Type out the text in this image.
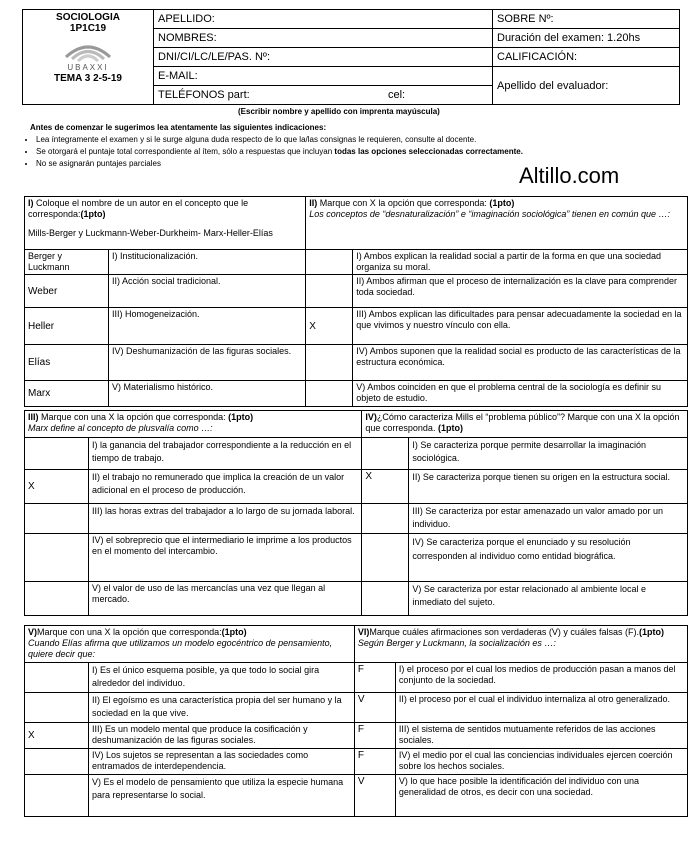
SOCIOLOGIA
1P1C19
UBAXXI
TEMA 3 2-5-19	APELLIDO:	SOBRE Nº:
	NOMBRES:	Duración del examen: 1.20hs
	DNI/CI/LC/LE/PAS. Nº:	CALIFICACIÓN:
	E-MAIL:	Apellido del evaluador:
	TELÉFONOS part: cel:	
(Escribir nombre y apellido con imprenta mayúscula)
Antes de comenzar le sugerimos lea atentamente las siguientes indicaciones:
• Lea íntegramente el examen y si le surge alguna duda respecto de lo que la/las consignas le requieren, consulte al docente.
• Se otorgará el puntaje total correspondiente al ítem, sólo a respuestas que incluyan todas las opciones seleccionadas correctamente.
• No se asignarán puntajes parciales	Altillo.com
I) Coloque el nombre de un autor en el concepto que le corresponda:(1pto)
Mills-Berger y Luckmann-Weber-Durkheim- Marx-Heller-Elías		II) Marque con X la opción que corresponda: (1pto)
Los conceptos de “desnaturalización” e “imaginación sociológica” tienen en común que …:	

Berger y Luckmann	I) Institucionalización.		I) Ambos explican la realidad social a partir de la forma en que una sociedad organiza su moral.
Weber	II) Acción social tradicional.		II) Ambos afirman que el proceso de internalización es la clave para comprender toda sociedad.
Heller	III) Homogeneización.	X	III) Ambos explican las dificultades para pensar adecuadamente la sociedad en la que vivimos y nuestro vínculo con ella.
Elías	IV) Deshumanización de las figuras sociales.		IV) Ambos suponen que la realidad social es producto de las características de la estructura económica.
Marx	V) Materialismo histórico.		V) Ambos coinciden en que el problema central de la sociología es definir su objeto de estudio.
III) Marque con una X la opción que corresponda: (1pto)
Marx define al concepto de plusvalía como …:		IV)¿Cómo caracteriza Mills el “problema público”? Marque con una X la opción que corresponda. (1pto)	
	I) la ganancia del trabajador correspondiente a la reducción en el tiempo de trabajo.		I) Se caracteriza porque permite desarrollar la imaginación sociológica.
X	II) el trabajo no remunerado que implica la creación de un valor adicional en el proceso de producción.	X	II) Se caracteriza porque tienen su origen en la estructura social.
	III) las horas extras del trabajador a lo largo de su jornada laboral.		III) Se caracteriza por estar amenazado un valor amado por un individuo.
	IV) el sobreprecio que el intermediario le imprime a los productos en el momento del intercambio.		IV) Se caracteriza porque el enunciado y su resolución corresponden al individuo como entidad biográfica.
	V) el valor de uso de las mercancías una vez que llegan al mercado.		V) Se caracteriza por estar relacionado al ambiente local e inmediato del sujeto.
V)Marque con una X la opción que corresponda:(1pto)
Cuando Elías afirma que utilizamos un modelo egocéntrico de pensamiento, quiere decir que:		VI)Marque cuáles afirmaciones son verdaderas (V) y cuáles falsas (F).(1pto)
Según Berger y Luckmann, la socialización es …:	

	I) Es el único esquema posible, ya que todo lo social gira alrededor del individuo.	F	I) el proceso por el cual los medios de producción pasan a manos del conjunto de la sociedad.
	II) El egoísmo es una característica propia del ser humano y la sociedad en la que vive.	V	II) el proceso por el cual el individuo internaliza al otro generalizado.
X	III) Es un modelo mental que produce la cosificación y deshumanización de las figuras sociales.	F	III) el sistema de sentidos mutuamente referidos de las acciones sociales.
	IV) Los sujetos se representan a las sociedades como entramados de interdependencia.	F	IV) el medio por el cual las conciencias individuales ejercen coerción sobre los hechos sociales.
	V) Es el modelo de pensamiento que utiliza la especie humana para representarse lo social.	V	V) lo que hace posible la identificación del individuo con una generalidad de otros, es decir con una sociedad.
